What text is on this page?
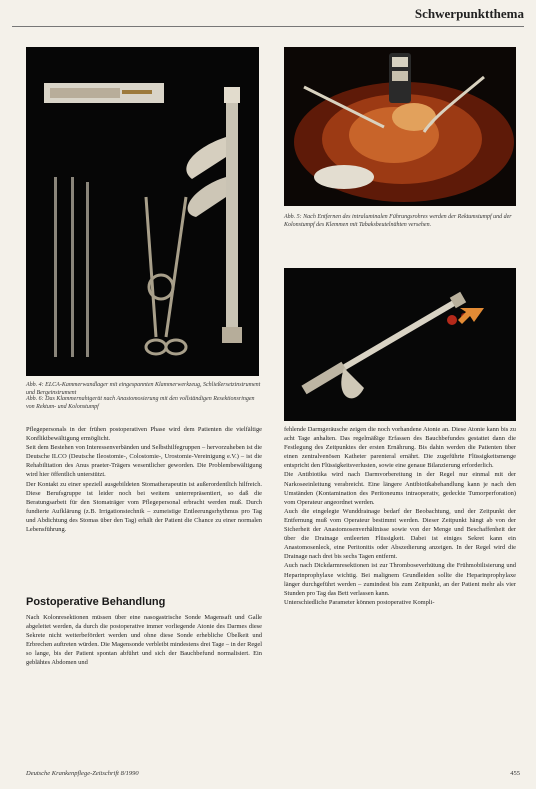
Schwerpunktthema
Abb. 5: Nach Entfernen des intraluminalen Führungsrohres werden der Rektumstumpf und der Kolonstumpf des Klemmen mit Tabaksbeutelnähten versehen.
Abb. 4: ELCA-Kammerwandlager mit eingespannten Klammerwerkzeug, Schließersetzinstrument und Bergeinstrument
Abb. 6: Das Klammernahtgerät nach Anastomosierung mit den vollständigen Resektionsringen von Rektum- und Kolonstumpf

Pflegepersonals in der frühen postoperativen Phase wird dem Patienten die vielfältige Konfliktbewältigung ermöglicht.

Seit dem Bestehen von Interessenverbänden und Selbsthilfegruppen – hervorzuheben ist die Deutsche ILCO (Deutsche Ileostomie-, Colostomie-, Urostomie-Vereinigung e.V.) – ist die Rehabilitation des Anus praeter-Trägers wesentlicher geworden. Die Problembewältigung wird hier öffentlich unterstützt.

Der Kontakt zu einer speziell ausgebildeten Stomatherapeutin ist außerordentlich hilfreich. Diese Berufsgruppe ist leider noch bei weitem unterrepräsentiert, so daß die Beratungsarbeit für den Stomaträger vom Pflegepersonal erbracht werden muß. Durch fundierte Aufklärung (z.B. Irrigationstechnik – zumeistige Entleerungsrhythmus pro Tag und Abdichtung des Stomas über den Tag) erhält der Patient die Chance zu einer normalen Lebensführung.

Postoperative Behandlung

Nach Kolonresektionen müssen über eine nasogastrische Sonde Magensaft und Galle abgeleitet werden, da durch die postoperative immer vorliegende Atonie des Darmes diese Sekrete nicht weiterbefördert werden und ohne diese Sonde erhebliche Übelkeit und Erbrechen auftreten würden. Die Magensonde verbleibt mindestens drei Tage – in der Regel so lange, bis der Patient spontan abführt und sich der Bauchbefund normalisiert. Ein geblähtes Abdomen und

fehlende Darmgeräusche zeigen die noch vorhandene Atonie an. Diese Atonie kann bis zu acht Tage anhalten. Das regelmäßige Erfassen des Bauchbefundes gestattet dann die Festlegung des Zeitpunktes der ersten Ernährung. Bis dahin werden die Patienten über einen zentralvenösen Katheter parenteral ernährt. Die zugeführte Flüssigkeitsmenge entspricht den Flüssigkeitsverlusten, sowie eine genaue Bilanzierung erforderlich.

Die Antibiotika wird nach Darmvorbereitung in der Regel nur einmal mit der Narkoseeinleitung verabreicht. Eine längere Antibiotikabehandlung kann je nach den Umständen (Kontamination des Peritoneums intraoperativ, gedeckte Tumorperforation) vom Operateur angeordnet werden.

Auch die eingelegte Wunddrainage bedarf der Beobachtung, und der Zeitpunkt der Entfernung muß vom Operateur bestimmt werden. Dieser Zeitpunkt hängt ab von der Sicherheit der Anastomosenverhältnisse sowie von der Menge und Beschaffenheit der über die Drainage entleerten Flüssigkeit. Dabei ist einiges Sekret kann ein Anastomosenleck, eine Peritonitis oder Abszedierung anzeigen. In der Regel wird die Drainage nach drei bis sechs Tagen entfernt.

Auch nach Dickdarmresektionen ist zur Thromboseverhütung die Frühmobilisierung und Heparinprophylaxe wichtig. Bei malignem Grundleiden sollte die Heparinprophylaxe länger durchgeführt werden – zumindest bis zum Zeitpunkt, an der Patient mehr als vier Stunden pro Tag das Bett verlassen kann.

Unterschiedliche Parameter können postoperative Kompli-

Deutsche Krankenpflege-Zeitschrift 8/1990	455
